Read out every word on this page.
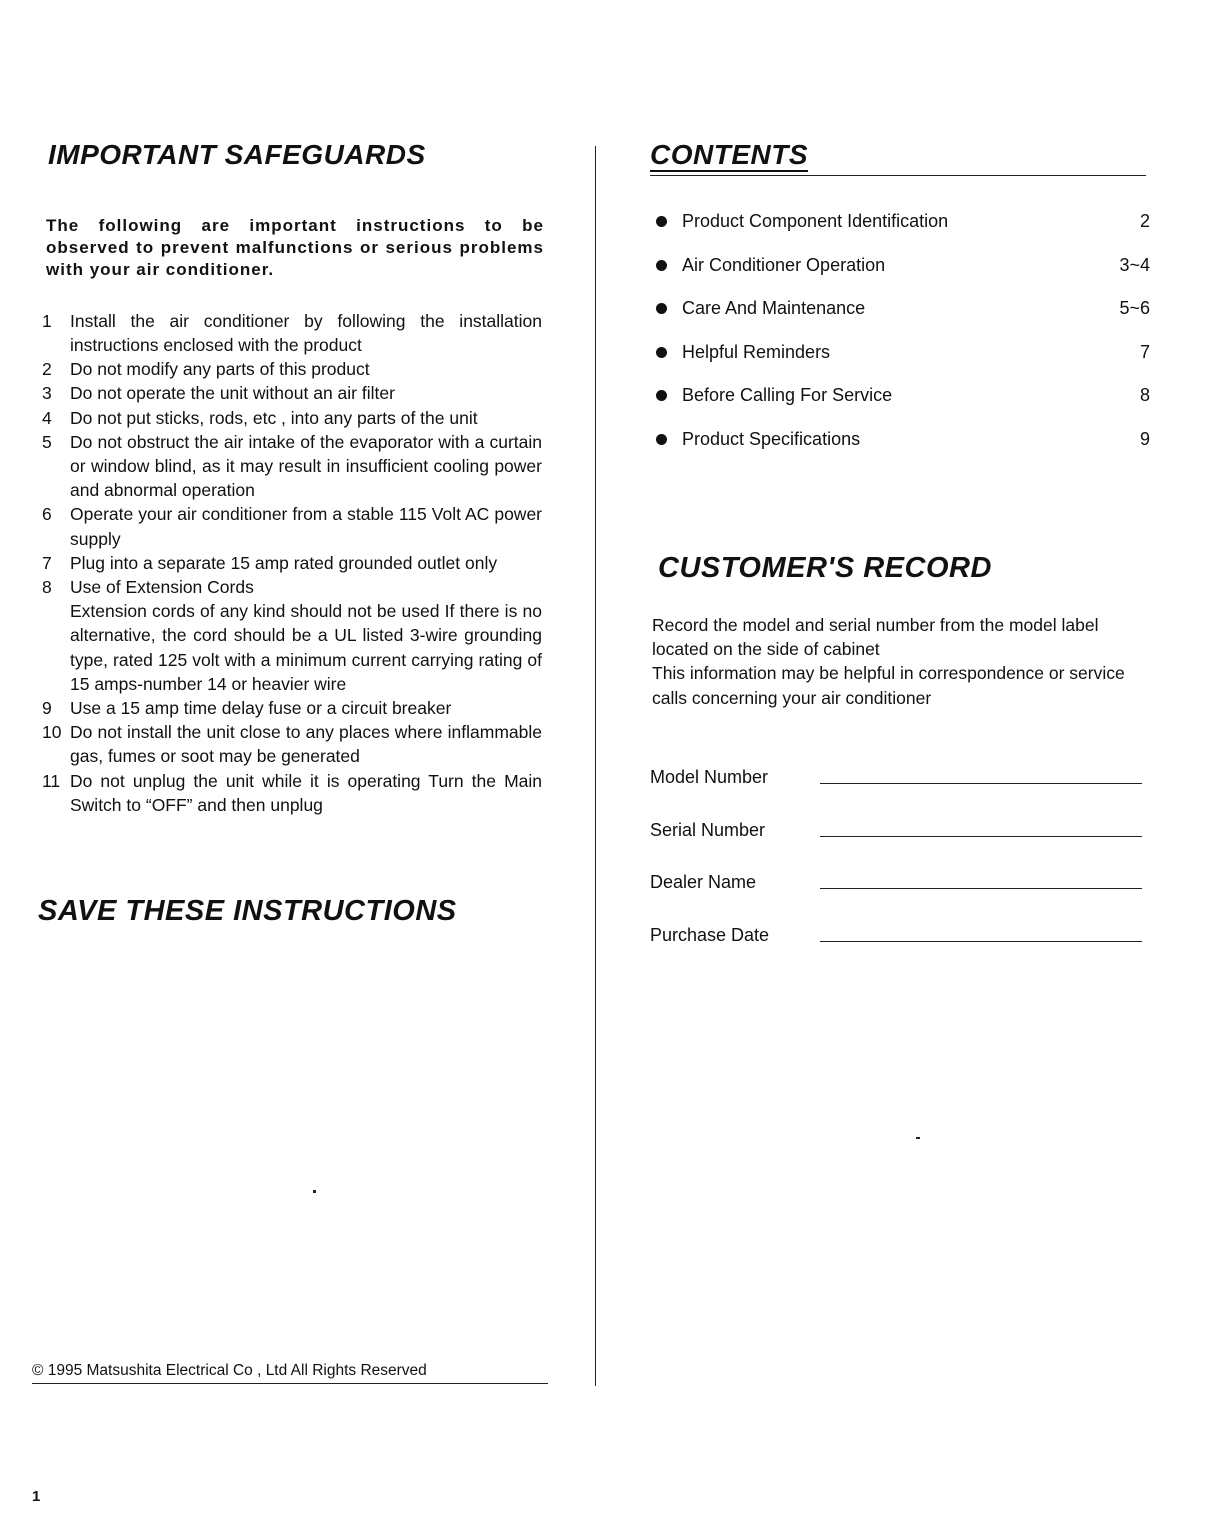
IMPORTANT SAFEGUARDS

The following are important instructions to be observed to prevent malfunctions or serious problems with your air conditioner.

1	Install the air conditioner by following the installation instructions enclosed with the product
2	Do not modify any parts of this product
3	Do not operate the unit without an air filter
4	Do not put sticks, rods, etc , into any parts of the unit
5	Do not obstruct the air intake of the evaporator with a curtain or window blind, as it may result in insufficient cooling power and abnormal operation
6	Operate your air conditioner from a stable 115 Volt AC power supply
7	Plug into a separate 15 amp rated grounded outlet only
8	Use of Extension Cords
Extension cords of any kind should not be used If there is no alternative, the cord should be a UL listed 3-wire grounding type, rated 125 volt with a minimum current carrying rating of 15 amps-number 14 or heavier wire
9	Use a 15 amp time delay fuse or a circuit breaker
10 Do not install the unit close to any places where inflammable gas, fumes or soot may be generated
11 Do not unplug the unit while it is operating Turn the Main Switch to “OFF” and then unplug
SAVE THESE INSTRUCTIONS
CONTENTS
Product Component Identification	2
Air Conditioner Operation	3~4
Care And Maintenance	5~6
Helpful Reminders	7
Before Calling For Service	8
Product Specifications	9
CUSTOMER'S RECORD
Record the model and serial number from the model label located on the side of cabinet
This information may be helpful in correspondence or service calls concerning your air conditioner
Model Number
Serial Number
Dealer Name
Purchase Date
© 1995 Matsushita Electrical Co , Ltd All Rights Reserved
1
